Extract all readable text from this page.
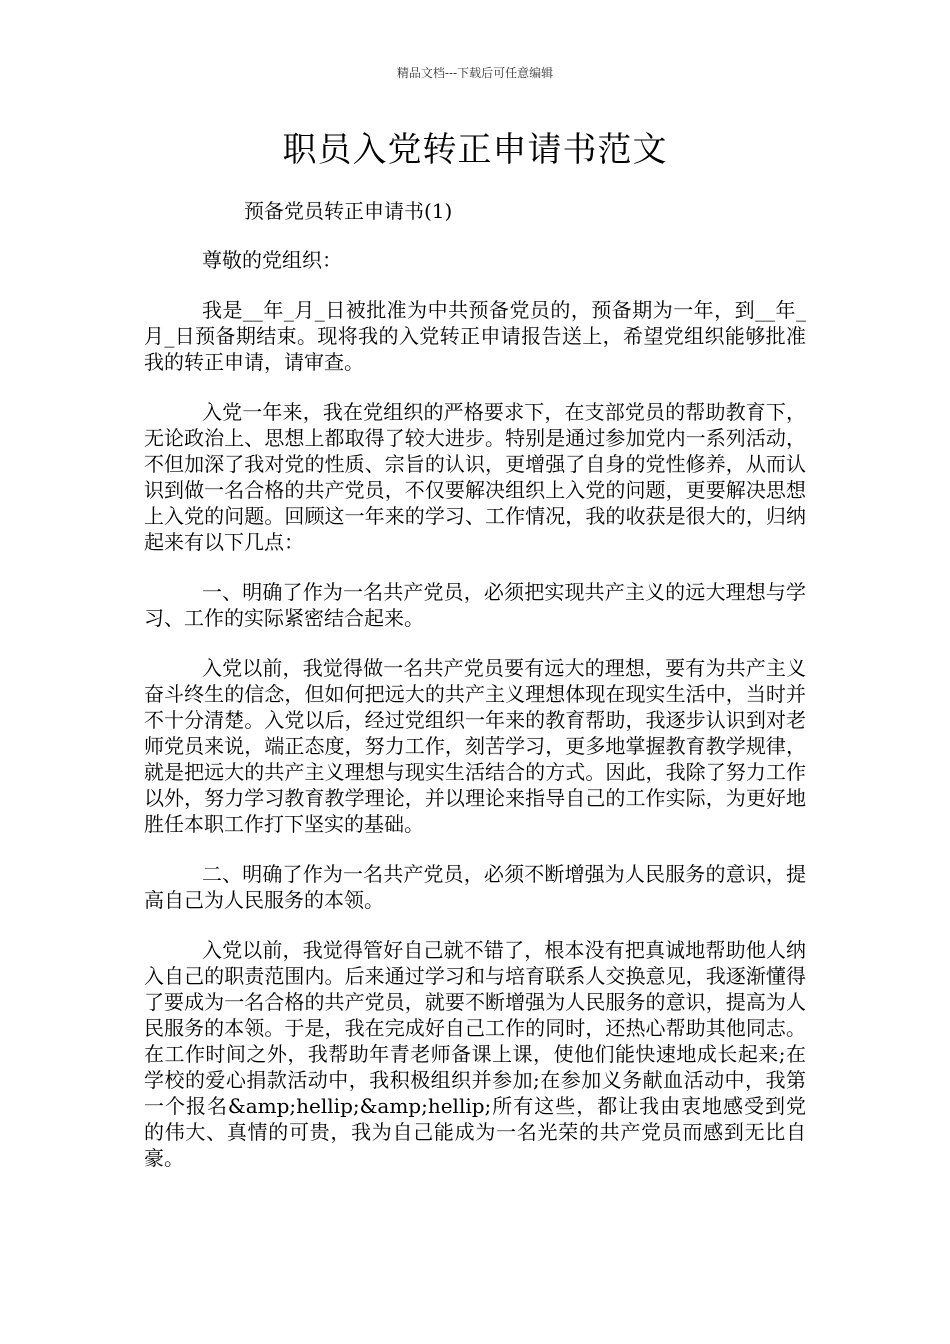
精品文档---下载后可任意编辑
职员入党转正申请书范文

预备党员转正申请书(1)

尊敬的党组织：

我是__年_月_日被批准为中共预备党员的，预备期为一年，到__年_月_日预备期结束。现将我的入党转正申请报告送上，希望党组织能够批准我的转正申请，请审查。

入党一年来，我在党组织的严格要求下，在支部党员的帮助教育下，无论政治上、思想上都取得了较大进步。特别是通过参加党内一系列活动，不但加深了我对党的性质、宗旨的认识，更增强了自身的党性修养，从而认识到做一名合格的共产党员，不仅要解决组织上入党的问题，更要解决思想上入党的问题。回顾这一年来的学习、工作情况，我的收获是很大的，归纳起来有以下几点：

一、明确了作为一名共产党员，必须把实现共产主义的远大理想与学习、工作的实际紧密结合起来。

入党以前，我觉得做一名共产党员要有远大的理想，要有为共产主义奋斗终生的信念，但如何把远大的共产主义理想体现在现实生活中，当时并不十分清楚。入党以后，经过党组织一年来的教育帮助，我逐步认识到对老师党员来说，端正态度，努力工作，刻苦学习，更多地掌握教育教学规律，就是把远大的共产主义理想与现实生活结合的方式。因此，我除了努力工作以外，努力学习教育教学理论，并以理论来指导自己的工作实际，为更好地胜任本职工作打下坚实的基础。

二、明确了作为一名共产党员，必须不断增强为人民服务的意识，提高自己为人民服务的本领。

入党以前，我觉得管好自己就不错了，根本没有把真诚地帮助他人纳入自己的职责范围内。后来通过学习和与培育联系人交换意见，我逐渐懂得了要成为一名合格的共产党员，就要不断增强为人民服务的意识，提高为人民服务的本领。于是，我在完成好自己工作的同时，还热心帮助其他同志。在工作时间之外，我帮助年青老师备课上课，使他们能快速地成长起来;在学校的爱心捐款活动中，我积极组织并参加;在参加义务献血活动中，我第一个报名&amp;hellip;&amp;hellip;所有这些，都让我由衷地感受到党的伟大、真情的可贵，我为自己能成为一名光荣的共产党员而感到无比自豪。
